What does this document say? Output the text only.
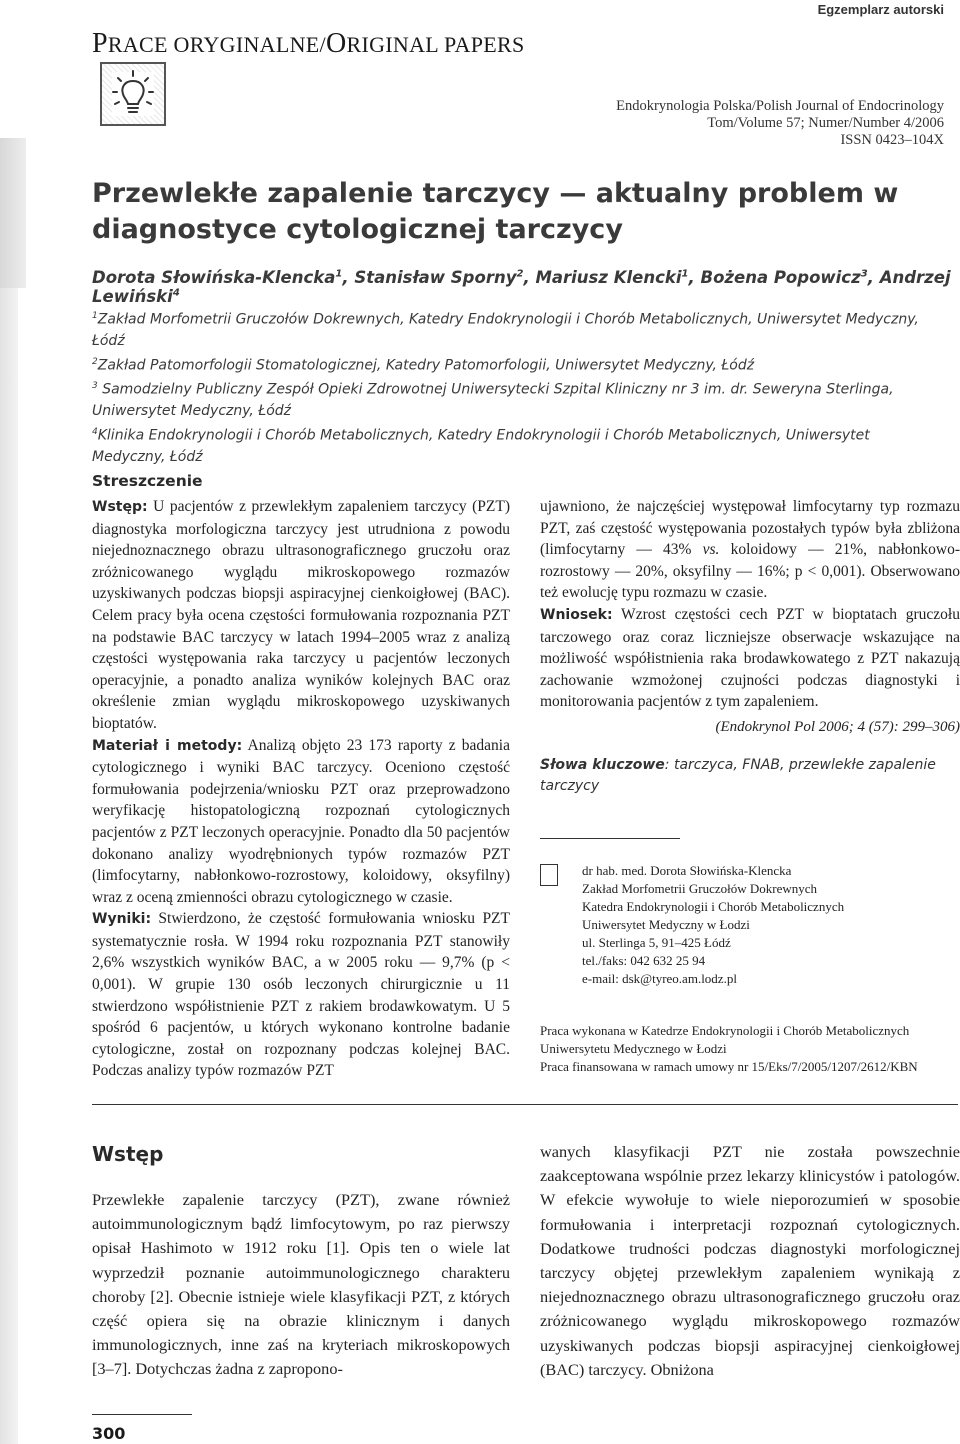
Egzemplarz autorski
PRACE ORYGINALNE/ORIGINAL PAPERS
Endokrynologia Polska/Polish Journal of Endocrinology
Tom/Volume 57; Numer/Number 4/2006
ISSN 0423–104X
Przewlekłe zapalenie tarczycy — aktualny problem w diagnostyce cytologicznej tarczycy
Dorota Słowińska-Klencka$^1$, Stanisław Sporny$^2$, Mariusz Klencki$^1$, Bożena Popowicz$^3$, Andrzej Lewiński$^4$

$^1$Zakład Morfometrii Gruczołów Dokrewnych, Katedry Endokrynologii i Chorób Metabolicznych, Uniwersytet Medyczny, Łódź

$^2$Zakład Patomorfologii Stomatologicznej, Katedry Patomorfologii, Uniwersytet Medyczny, Łódź

$^3$ Samodzielny Publiczny Zespół Opieki Zdrowotnej Uniwersytecki Szpital Kliniczny nr 3 im. dr. Seweryna Sterlinga, Uniwersytet Medyczny, Łódź

$^4$Klinika Endokrynologii i Chorób Metabolicznych, Katedry Endokrynologii i Chorób Metabolicznych, Uniwersytet Medyczny, Łódź

Streszczenie

Wstęp: U pacjentów z przewlekłym zapaleniem tarczycy (PZT) diagnostyka morfologiczna tarczycy jest utrudniona z powodu niejednoznacznego obrazu ultrasonograficznego gruczołu oraz zróżnicowanego wyglądu mikroskopowego rozmazów uzyskiwanych podczas biopsji aspiracyjnej cienkoigłowej (BAC). Celem pracy była ocena częstości formułowania rozpoznania PZT na podstawie BAC tarczycy w latach 1994–2005 wraz z analizą częstości występowania raka tarczycy u pacjentów leczonych operacyjnie, a ponadto analiza wyników kolejnych BAC oraz określenie zmian wyglądu mikroskopowego uzyskiwanych bioptatów.

Materiał i metody: Analizą objęto 23 173 raporty z badania cytologicznego i wyniki BAC tarczycy. Oceniono częstość formułowania podejrzenia/wniosku PZT oraz przeprowadzono weryfikację histopatologiczną rozpoznań cytologicznych pacjentów z PZT leczonych operacyjnie. Ponadto dla 50 pacjentów dokonano analizy wyodrębnionych typów rozmazów PZT (limfocytarny, nabłonkowo-rozrostowy, koloidowy, oksyfilny) wraz z oceną zmienności obrazu cytologicznego w czasie.

Wyniki: Stwierdzono, że częstość formułowania wniosku PZT systematycznie rosła. W 1994 roku rozpoznania PZT stanowiły 2,6% wszystkich wyników BAC, a w 2005 roku — 9,7% (p < 0,001). W grupie 130 osób leczonych chirurgicznie u 11 stwierdzono współistnienie PZT z rakiem brodawkowatym. U 5 spośród 6 pacjentów, u których wykonano kontrolne badanie cytologiczne, został on rozpoznany podczas kolejnej BAC. Podczas analizy typów rozmazów PZT

ujawniono, że najczęściej występował limfocytarny typ rozmazu PZT, zaś częstość występowania pozostałych typów była zbliżona (limfocytarny — 43% vs. koloidowy — 21%, nabłonkowo-rozrostowy — 20%, oksyfilny — 16%; p < 0,001). Obserwowano też ewolucję typu rozmazu w czasie.

Wniosek: Wzrost częstości cech PZT w bioptatach gruczołu tarczowego oraz coraz liczniejsze obserwacje wskazujące na możliwość współistnienia raka brodawkowatego z PZT nakazują zachowanie wzmożonej czujności podczas diagnostyki i monitorowania pacjentów z tym zapaleniem.

(Endokrynol Pol 2006; 4 (57): 299–306)

Słowa kluczowe: tarczyca, FNAB, przewlekłe zapalenie tarczycy

dr hab. med. Dorota Słowińska-Klencka
Zakład Morfometrii Gruczołów Dokrewnych
Katedra Endokrynologii i Chorób Metabolicznych
Uniwersytet Medyczny w Łodzi
ul. Sterlinga 5, 91–425 Łódź
tel./faks: 042 632 25 94
e-mail: dsk@tyreo.am.lodz.pl
Praca wykonana w Katedrze Endokrynologii i Chorób Metabolicznych
Uniwersytetu Medycznego w Łodzi
Praca finansowana w ramach umowy nr 15/Eks/7/2005/1207/2612/KBN
Wstęp
Przewlekłe zapalenie tarczycy (PZT), zwane również autoimmunologicznym bądź limfocytowym, po raz pierwszy opisał Hashimoto w 1912 roku [1]. Opis ten o wiele lat wyprzedził poznanie autoimmunologicznego charakteru choroby [2]. Obecnie istnieje wiele klasyfikacji PZT, z których część opiera się na obrazie klinicznym i danych immunologicznych, inne zaś na kryteriach mikroskopowych [3–7]. Dotychczas żadna z zapropono-
wanych klasyfikacji PZT nie została powszechnie zaakceptowana wspólnie przez lekarzy klinicystów i patologów. W efekcie wywołuje to wiele nieporozumień w sposobie formułowania i interpretacji rozpoznań cytologicznych. Dodatkowe trudności podczas diagnostyki morfologicznej tarczycy objętej przewlekłym zapaleniem wynikają z niejednoznacznego obrazu ultrasonograficznego gruczołu oraz zróżnicowanego wyglądu mikroskopowego rozmazów uzyskiwanych podczas biopsji aspiracyjnej cienkoigłowej (BAC) tarczycy. Obniżona
300
